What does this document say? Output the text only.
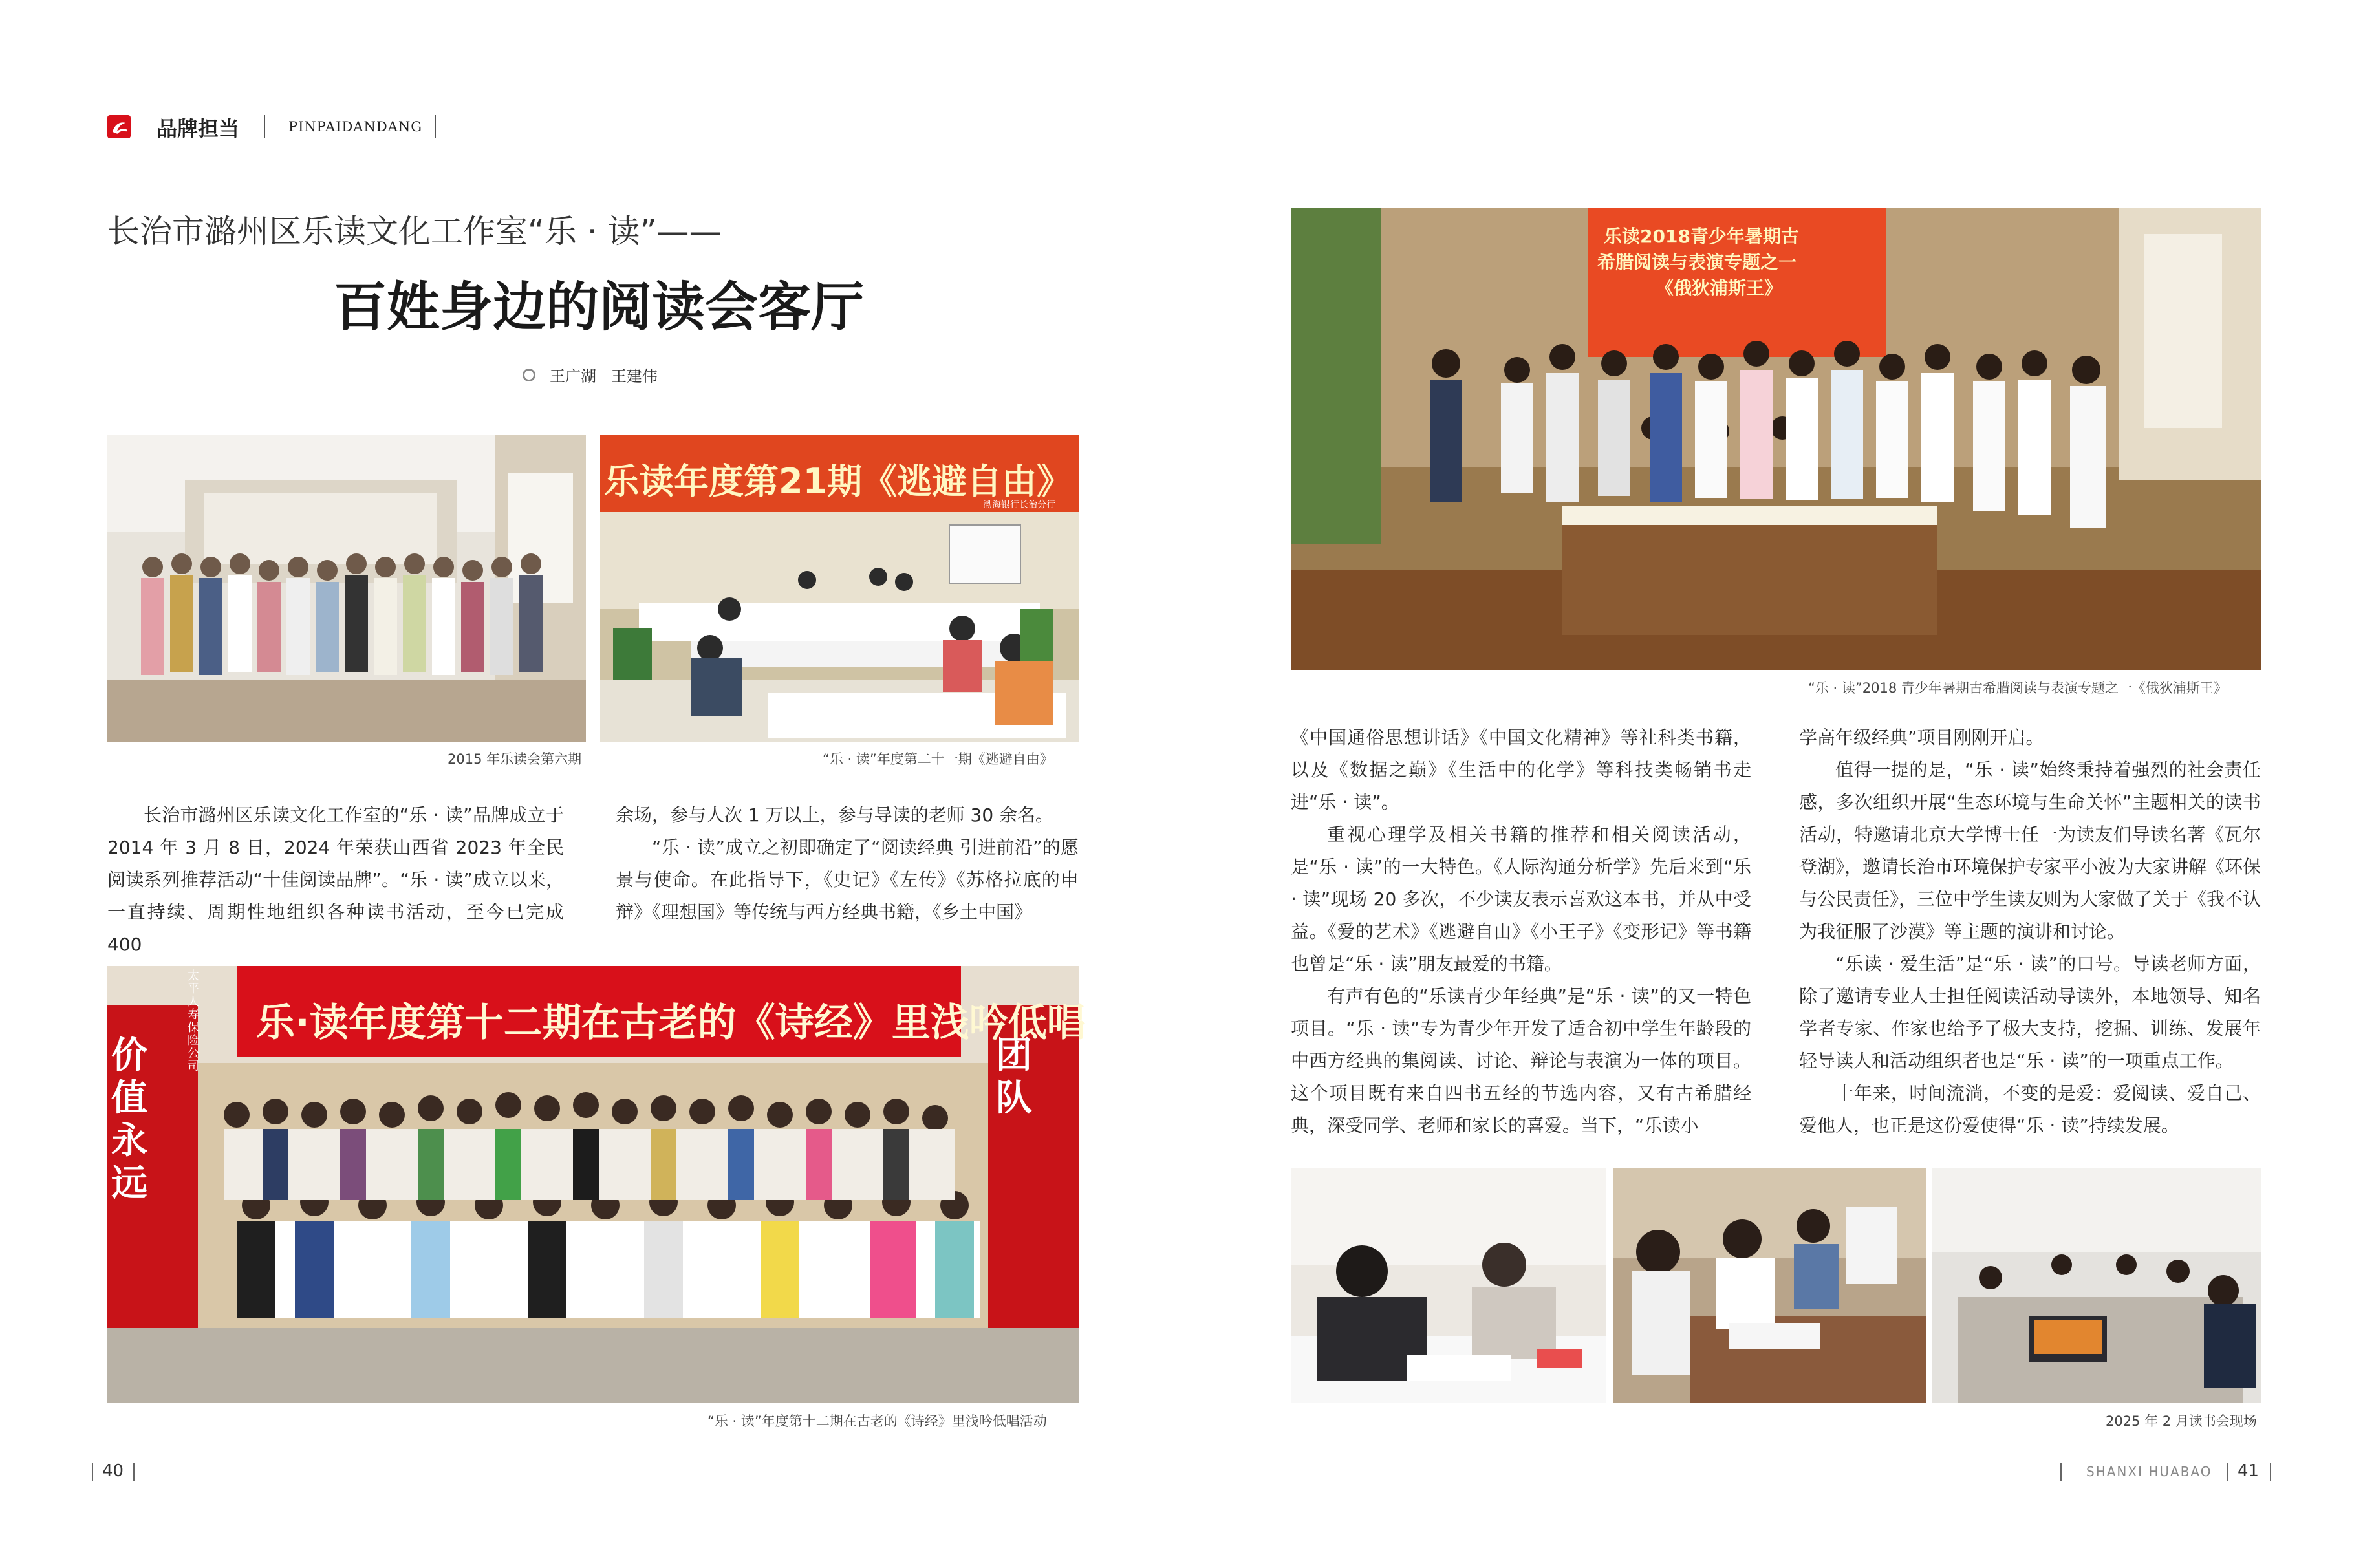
品牌担当	PINPAIDANDANG
长治市潞州区乐读文化工作室“乐 · 读”——
百姓身边的阅读会客厅
王广湖   王建伟
2015 年乐读会第六期
乐读年度第21期《逃避自由》
渤海银行长治分行
“乐 · 读”年度第二十一期《逃避自由》

长治市潞州区乐读文化工作室的“乐 · 读”品牌成立于 2014 年 3 月 8 日，2024 年荣获山西省 2023 年全民阅读系列推荐活动“十佳阅读品牌”。“乐 · 读”成立以来，一直持续、周期性地组织各种读书活动，至今已完成 400

余场，参与人次 1 万以上，参与导读的老师 30 余名。

“乐 · 读”成立之初即确定了“阅读经典 引进前沿”的愿景与使命。在此指导下，《史记》《左传》《苏格拉底的申辩》《理想国》等传统与西方经典书籍，《乡土中国》

乐·读年度第十二期在古老的《诗经》里浅吟低唱
价值永远
团队
太平人寿保险公司
“乐 · 读”年度第十二期在古老的《诗经》里浅吟低唱活动
乐读2018青少年暑期古
希腊阅读与表演专题之一
《俄狄浦斯王》
“乐 · 读”2018 青少年暑期古希腊阅读与表演专题之一《俄狄浦斯王》

《中国通俗思想讲话》《中国文化精神》等社科类书籍，以及《数据之巅》《生活中的化学》等科技类畅销书走进“乐 · 读”。

重视心理学及相关书籍的推荐和相关阅读活动，是“乐 · 读”的一大特色。《人际沟通分析学》先后来到“乐 · 读”现场 20 多次，不少读友表示喜欢这本书，并从中受益。《爱的艺术》《逃避自由》《小王子》《变形记》等书籍也曾是“乐 · 读”朋友最爱的书籍。

有声有色的“乐读青少年经典”是“乐 · 读”的又一特色项目。“乐 · 读”专为青少年开发了适合初中学生年龄段的中西方经典的集阅读、讨论、辩论与表演为一体的项目。这个项目既有来自四书五经的节选内容，又有古希腊经典，深受同学、老师和家长的喜爱。当下，“乐读小

学高年级经典”项目刚刚开启。

值得一提的是，“乐 · 读”始终秉持着强烈的社会责任感，多次组织开展“生态环境与生命关怀”主题相关的读书活动，特邀请北京大学博士任一为读友们导读名著《瓦尔登湖》，邀请长治市环境保护专家平小波为大家讲解《环保与公民责任》，三位中学生读友则为大家做了关于《我不认为我征服了沙漠》等主题的演讲和讨论。

“乐读 · 爱生活”是“乐 · 读”的口号。导读老师方面，除了邀请专业人士担任阅读活动导读外，本地领导、知名学者专家、作家也给予了极大支持，挖掘、训练、发展年轻导读人和活动组织者也是“乐 · 读”的一项重点工作。

十年来，时间流淌，不变的是爱：爱阅读、爱自己、爱他人，也正是这份爱使得“乐 · 读”持续发展。

2025 年 2 月读书会现场
40	SHANXI HUABAO 41
